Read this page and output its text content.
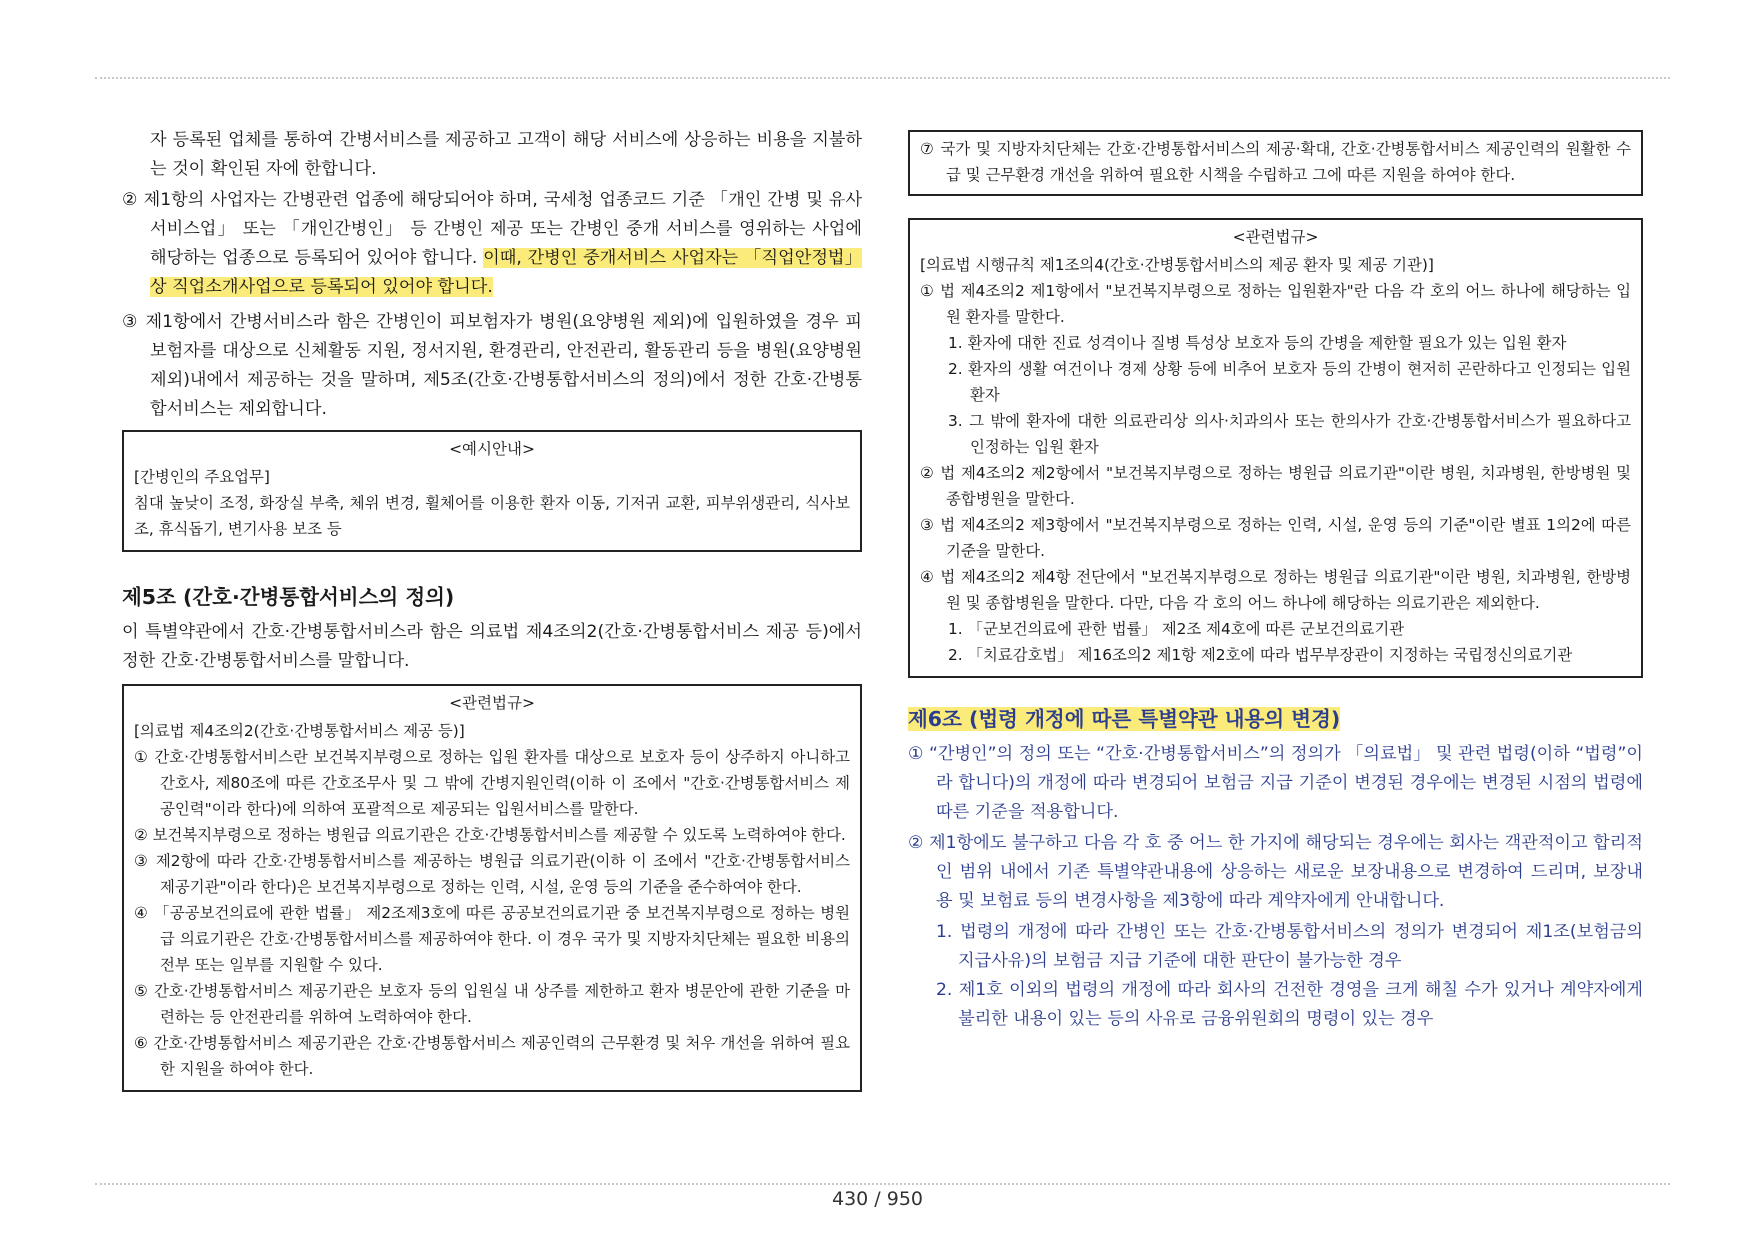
자 등록된 업체를 통하여 간병서비스를 제공하고 고객이 해당 서비스에 상응하는 비용을 지불하는 것이 확인된 자에 한합니다.

② 제1항의 사업자는 간병관련 업종에 해당되어야 하며, 국세청 업종코드 기준 「개인 간병 및 유사 서비스업」 또는 「개인간병인」 등 간병인 제공 또는 간병인 중개 서비스를 영위하는 사업에 해당하는 업종으로 등록되어 있어야 합니다. 이때, 간병인 중개서비스 사업자는 「직업안정법」상 직업소개사업으로 등록되어 있어야 합니다.

③ 제1항에서 간병서비스라 함은 간병인이 피보험자가 병원(요양병원 제외)에 입원하였을 경우 피보험자를 대상으로 신체활동 지원, 정서지원, 환경관리, 안전관리, 활동관리 등을 병원(요양병원 제외)내에서 제공하는 것을 말하며, 제5조(간호·간병통합서비스의 정의)에서 정한 간호·간병통합서비스는 제외합니다.

<예시안내>
[간병인의 주요업무]
침대 높낮이 조정, 화장실 부축, 체위 변경, 휠체어를 이용한 환자 이동, 기저귀 교환, 피부위생관리, 식사보조, 휴식돕기, 변기사용 보조 등
제5조 (간호·간병통합서비스의 정의)

이 특별약관에서 간호·간병통합서비스라 함은 의료법 제4조의2(간호·간병통합서비스 제공 등)에서 정한 간호·간병통합서비스를 말합니다.

<관련법규>
[의료법 제4조의2(간호·간병통합서비스 제공 등)]
① 간호·간병통합서비스란 보건복지부령으로 정하는 입원 환자를 대상으로 보호자 등이 상주하지 아니하고 간호사, 제80조에 따른 간호조무사 및 그 밖에 간병지원인력(이하 이 조에서 "간호·간병통합서비스 제공인력"이라 한다)에 의하여 포괄적으로 제공되는 입원서비스를 말한다.
② 보건복지부령으로 정하는 병원급 의료기관은 간호·간병통합서비스를 제공할 수 있도록 노력하여야 한다.
③ 제2항에 따라 간호·간병통합서비스를 제공하는 병원급 의료기관(이하 이 조에서 "간호·간병통합서비스 제공기관"이라 한다)은 보건복지부령으로 정하는 인력, 시설, 운영 등의 기준을 준수하여야 한다.
④ 「공공보건의료에 관한 법률」 제2조제3호에 따른 공공보건의료기관 중 보건복지부령으로 정하는 병원급 의료기관은 간호·간병통합서비스를 제공하여야 한다. 이 경우 국가 및 지방자치단체는 필요한 비용의 전부 또는 일부를 지원할 수 있다.
⑤ 간호·간병통합서비스 제공기관은 보호자 등의 입원실 내 상주를 제한하고 환자 병문안에 관한 기준을 마련하는 등 안전관리를 위하여 노력하여야 한다.
⑥ 간호·간병통합서비스 제공기관은 간호·간병통합서비스 제공인력의 근무환경 및 처우 개선을 위하여 필요한 지원을 하여야 한다.
⑦ 국가 및 지방자치단체는 간호·간병통합서비스의 제공·확대, 간호·간병통합서비스 제공인력의 원활한 수급 및 근무환경 개선을 위하여 필요한 시책을 수립하고 그에 따른 지원을 하여야 한다.
<관련법규>
[의료법 시행규칙 제1조의4(간호·간병통합서비스의 제공 환자 및 제공 기관)]
① 법 제4조의2 제1항에서 "보건복지부령으로 정하는 입원환자"란 다음 각 호의 어느 하나에 해당하는 입원 환자를 말한다.
1. 환자에 대한 진료 성격이나 질병 특성상 보호자 등의 간병을 제한할 필요가 있는 입원 환자
2. 환자의 생활 여건이나 경제 상황 등에 비추어 보호자 등의 간병이 현저히 곤란하다고 인정되는 입원환자
3. 그 밖에 환자에 대한 의료관리상 의사·치과의사 또는 한의사가 간호·간병통합서비스가 필요하다고 인정하는 입원 환자
② 법 제4조의2 제2항에서 "보건복지부령으로 정하는 병원급 의료기관"이란 병원, 치과병원, 한방병원 및 종합병원을 말한다.
③ 법 제4조의2 제3항에서 "보건복지부령으로 정하는 인력, 시설, 운영 등의 기준"이란 별표 1의2에 따른 기준을 말한다.
④ 법 제4조의2 제4항 전단에서 "보건복지부령으로 정하는 병원급 의료기관"이란 병원, 치과병원, 한방병원 및 종합병원을 말한다. 다만, 다음 각 호의 어느 하나에 해당하는 의료기관은 제외한다.
1. 「군보건의료에 관한 법률」 제2조 제4호에 따른 군보건의료기관
2. 「치료감호법」 제16조의2 제1항 제2호에 따라 법무부장관이 지정하는 국립정신의료기관
제6조 (법령 개정에 따른 특별약관 내용의 변경)

① “간병인”의 정의 또는 “간호·간병통합서비스”의 정의가 「의료법」 및 관련 법령(이하 “법령”이라 합니다)의 개정에 따라 변경되어 보험금 지급 기준이 변경된 경우에는 변경된 시점의 법령에 따른 기준을 적용합니다.

② 제1항에도 불구하고 다음 각 호 중 어느 한 가지에 해당되는 경우에는 회사는 객관적이고 합리적인 범위 내에서 기존 특별약관내용에 상응하는 새로운 보장내용으로 변경하여 드리며, 보장내용 및 보험료 등의 변경사항을 제3항에 따라 계약자에게 안내합니다.

1. 법령의 개정에 따라 간병인 또는 간호·간병통합서비스의 정의가 변경되어 제1조(보험금의 지급사유)의 보험금 지급 기준에 대한 판단이 불가능한 경우

2. 제1호 이외의 법령의 개정에 따라 회사의 건전한 경영을 크게 해칠 수가 있거나 계약자에게 불리한 내용이 있는 등의 사유로 금융위원회의 명령이 있는 경우

430 / 950
